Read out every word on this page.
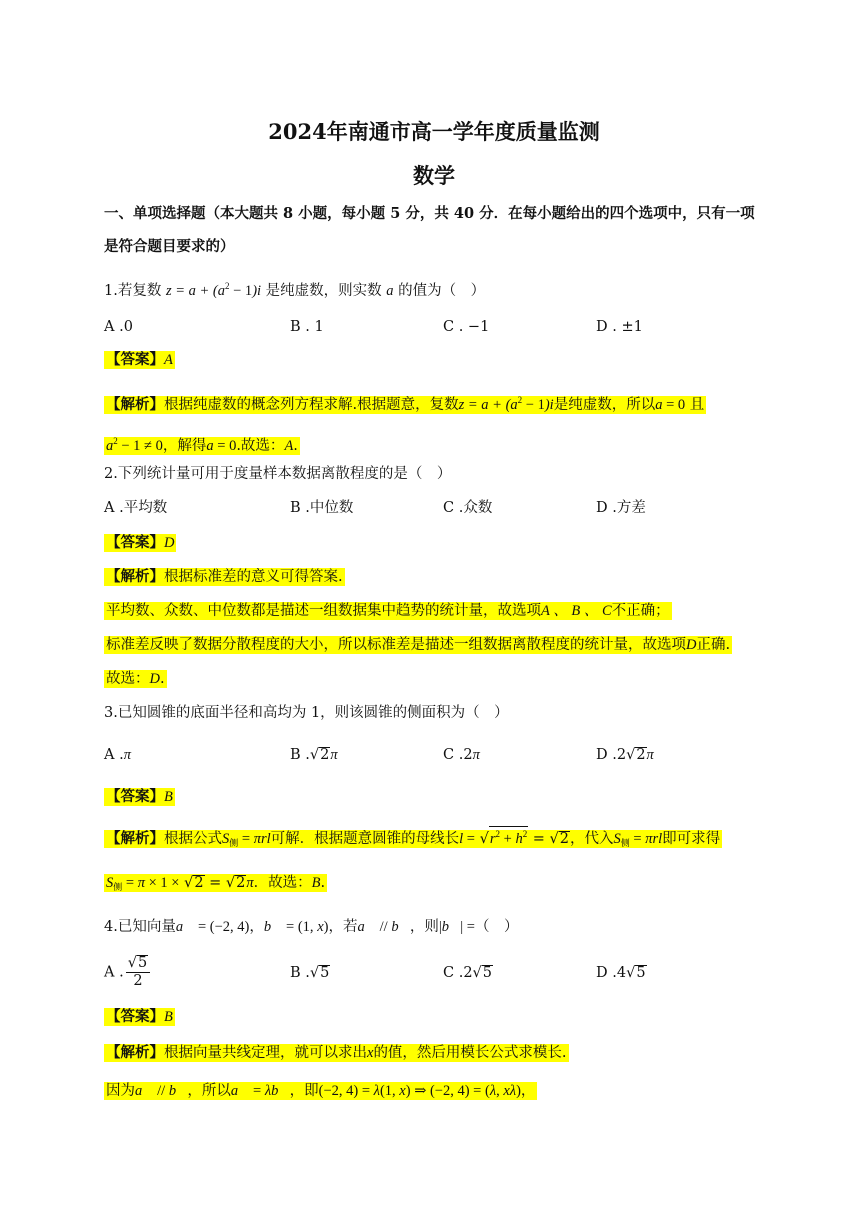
2024年南通市高一学年度质量监测
数学
一、单项选择题（本大题共 8 小题，每小题 5 分，共 40 分．在每小题给出的四个选项中，只有一项
是符合题目要求的）
1.若复数 $z = a + (a^2 - 1)i$ 是纯虚数，则实数 a 的值为（　）
A .0	B . 1	C . −1	D . ±1
【答案】A
【解析】根据纯虚数的概念列方程求解.根据题意，复数$z = a + (a^2 - 1)i$是纯虚数，所以a = 0 且
$a^2 - 1 \ne 0$，解得a = 0.故选：A.
2.下列统计量可用于度量样本数据离散程度的是（　）
A .平均数	B .中位数	C .众数	D .方差
【答案】D
【解析】根据标准差的意义可得答案.
平均数、众数、中位数都是描述一组数据集中趋势的统计量，故选项A 、 B 、 C不正确；
标准差反映了数据分散程度的大小，所以标准差是描述一组数据离散程度的统计量，故选项D正确.
故选：D.
3.已知圆锥的底面半径和高均为 1，则该圆锥的侧面积为（　）
A .π	B .√2π	C .2π	D .2√2π
【答案】B
【解析】根据公式$S_侧 = \pi rl$可解．根据题意圆锥的母线长$l = √r^2 + h^2 = √2$，代入$S_侧 = \pi rl$即可求得
$S_侧 = \pi \times 1 \times √2 = √2\pi$．故选：B.
4.已知向量a⃗ = (−2, 4)，b⃗ = (1, x)，若a⃗ // b⃗，则|b⃗| =（　）
A . $\frac{√5}{2}$	B .√5	C .2√5	D .4√5
【答案】B
【解析】根据向量共线定理，就可以求出x的值，然后用模长公式求模长.
因为a⃗ // b⃗，所以a⃗ = λb⃗，即(−2, 4) = λ(1, x) ⇒ (−2, 4) = (λ, xλ)，
